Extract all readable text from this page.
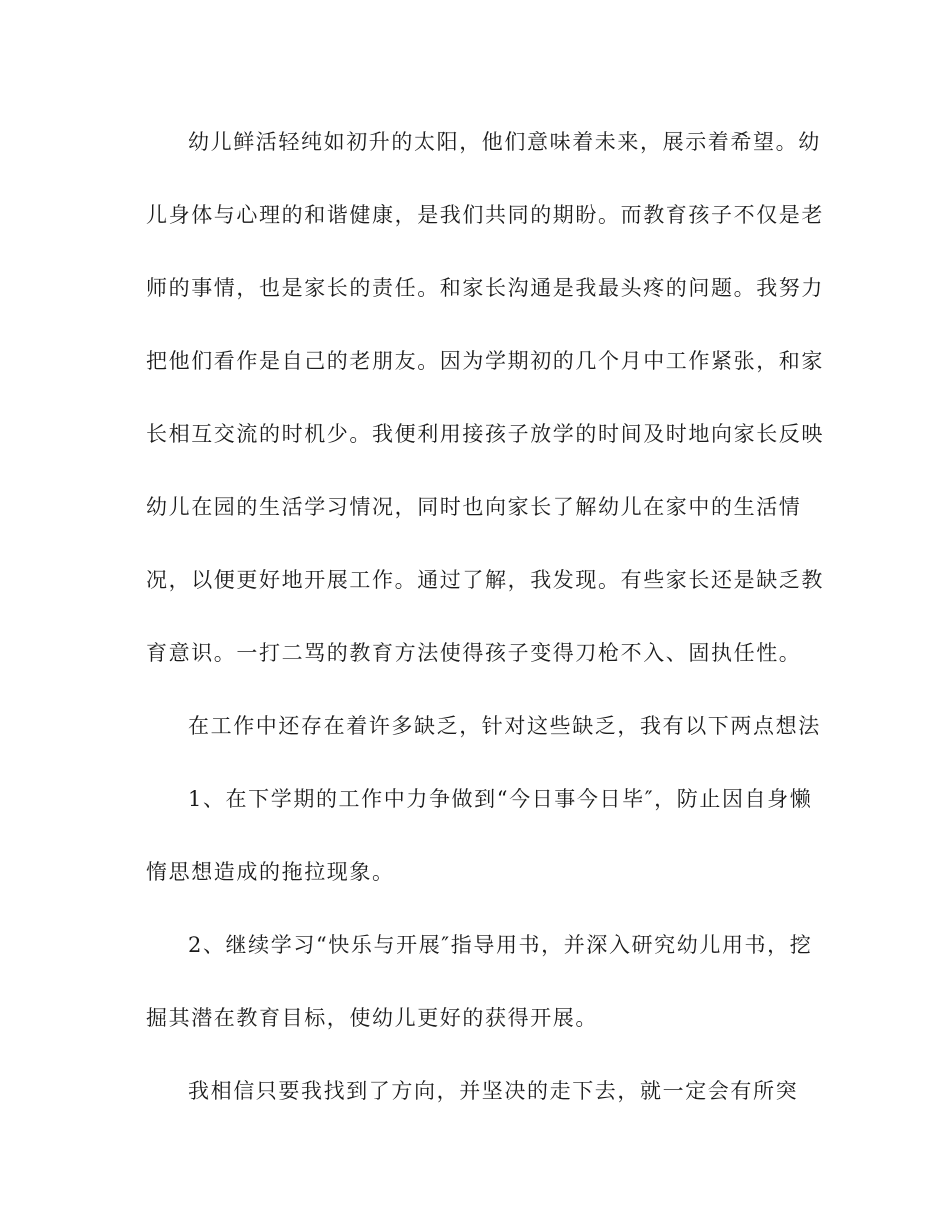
幼儿鲜活轻纯如初升的太阳，他们意味着未来，展示着希望。幼
儿身体与心理的和谐健康，是我们共同的期盼。而教育孩子不仅是老
师的事情，也是家长的责任。和家长沟通是我最头疼的问题。我努力
把他们看作是自己的老朋友。因为学期初的几个月中工作紧张，和家
长相互交流的时机少。我便利用接孩子放学的时间及时地向家长反映
幼儿在园的生活学习情况，同时也向家长了解幼儿在家中的生活情
况，以便更好地开展工作。通过了解，我发现。有些家长还是缺乏教
育意识。一打二骂的教育方法使得孩子变得刀枪不入、固执任性。
在工作中还存在着许多缺乏，针对这些缺乏，我有以下两点想法
1、在下学期的工作中力争做到“今日事今日毕″，防止因自身懒
惰思想造成的拖拉现象。
2、继续学习“快乐与开展″指导用书，并深入研究幼儿用书，挖
掘其潜在教育目标，使幼儿更好的获得开展。
我相信只要我找到了方向，并坚决的走下去，就一定会有所突
